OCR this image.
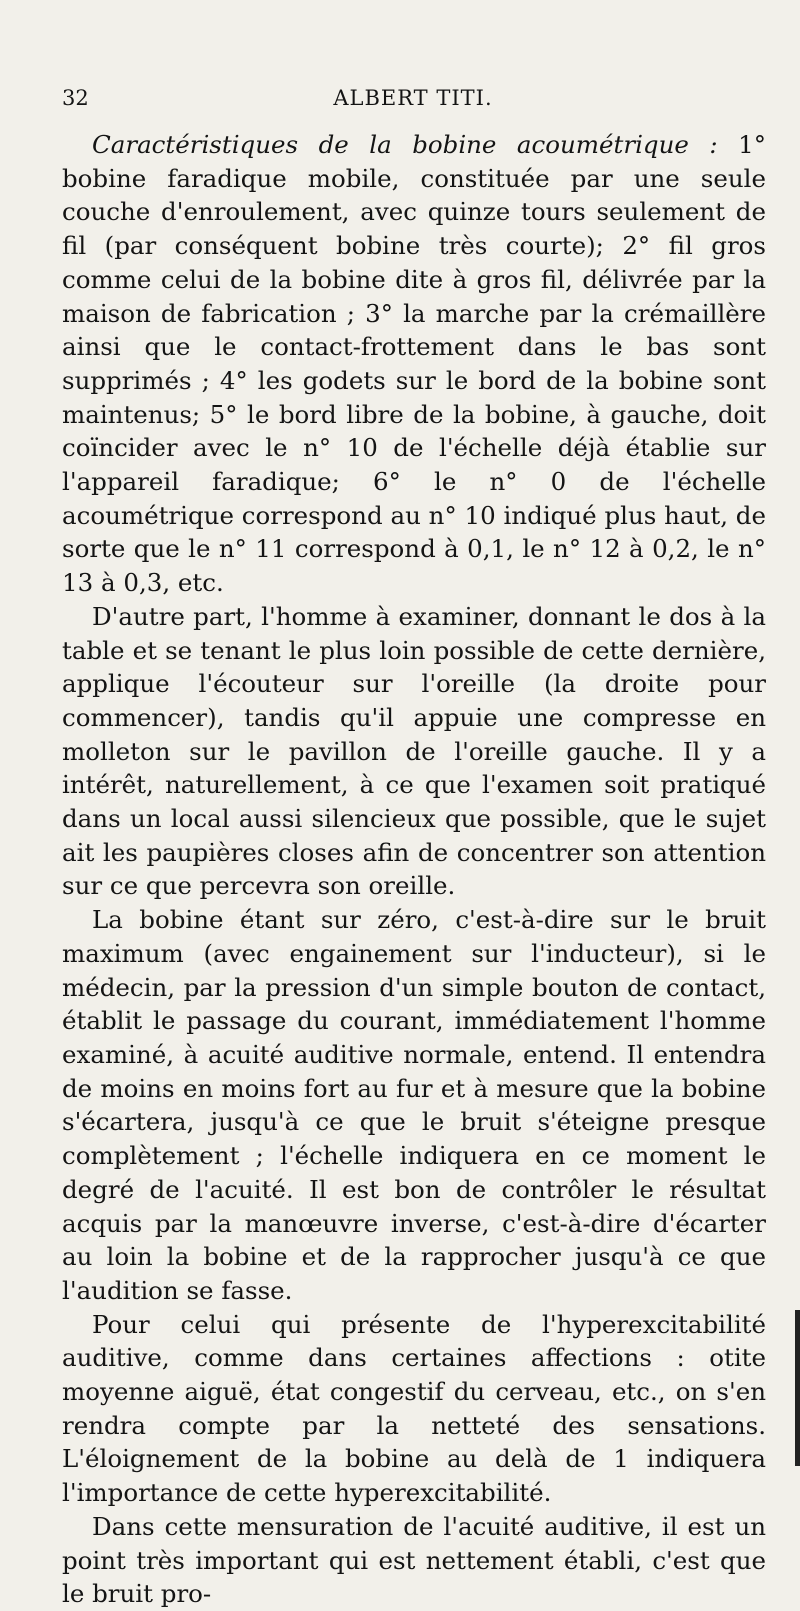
32	ALBERT TITI.

Caractéristiques de la bobine acoumétrique : 1° bobine faradique mobile, constituée par une seule couche d'enroulement, avec quinze tours seulement de fil (par conséquent bobine très courte); 2° fil gros comme celui de la bobine dite à gros fil, délivrée par la maison de fabrication ; 3° la marche par la crémaillère ainsi que le contact-frottement dans le bas sont supprimés ; 4° les godets sur le bord de la bobine sont maintenus; 5° le bord libre de la bobine, à gauche, doit coïncider avec le n° 10 de l'échelle déjà établie sur l'appareil faradique; 6° le n° 0 de l'échelle acoumétrique correspond au n° 10 indiqué plus haut, de sorte que le n° 11 correspond à 0,1, le n° 12 à 0,2, le n° 13 à 0,3, etc.

D'autre part, l'homme à examiner, donnant le dos à la table et se tenant le plus loin possible de cette dernière, applique l'écouteur sur l'oreille (la droite pour commencer), tandis qu'il appuie une compresse en molleton sur le pavillon de l'oreille gauche. Il y a intérêt, naturellement, à ce que l'examen soit pratiqué dans un local aussi silencieux que possible, que le sujet ait les paupières closes afin de concentrer son attention sur ce que percevra son oreille.

La bobine étant sur zéro, c'est-à-dire sur le bruit maximum (avec engainement sur l'inducteur), si le médecin, par la pression d'un simple bouton de contact, établit le passage du courant, immédiatement l'homme examiné, à acuité auditive normale, entend. Il entendra de moins en moins fort au fur et à mesure que la bobine s'écartera, jusqu'à ce que le bruit s'éteigne presque complètement ; l'échelle indiquera en ce moment le degré de l'acuité. Il est bon de contrôler le résultat acquis par la manœuvre inverse, c'est-à-dire d'écarter au loin la bobine et de la rapprocher jusqu'à ce que l'audition se fasse.

Pour celui qui présente de l'hyperexcitabilité auditive, comme dans certaines affections : otite moyenne aiguë, état congestif du cerveau, etc., on s'en rendra compte par la netteté des sensations. L'éloignement de la bobine au delà de 1 indiquera l'importance de cette hyperexcitabilité.

Dans cette mensuration de l'acuité auditive, il est un point très important qui est nettement établi, c'est que le bruit pro-
